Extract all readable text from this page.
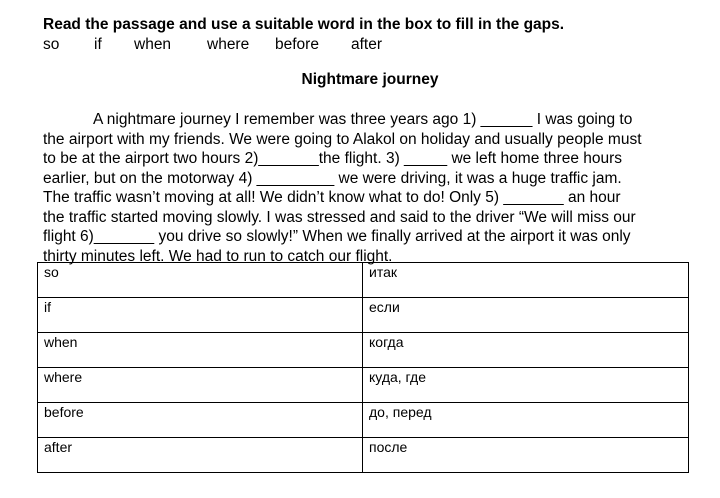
Read the passage and use a suitable word in the box to fill in the gaps.

so

if

when

where

before

after

Nightmare journey
A nightmare journey I remember was three years ago 1) ______ I was going to
the airport with my friends. We were going to Alakol on holiday and usually people must
to be at the airport two hours 2)_______the flight. 3) _____ we left home three hours
earlier, but on the motorway 4) _________ we were driving, it was a huge traffic jam.
The traffic wasn’t moving at all! We didn’t know what to do! Only 5) _______ an hour
the traffic started moving slowly. I was stressed and said to the driver “We will miss our
flight 6)_______ you drive so slowly!” When we finally arrived at the airport it was only
thirty minutes left. We had to run to catch our flight.
so	итак
if	если
when	когда
where	куда, где
before	до, перед
after	после
